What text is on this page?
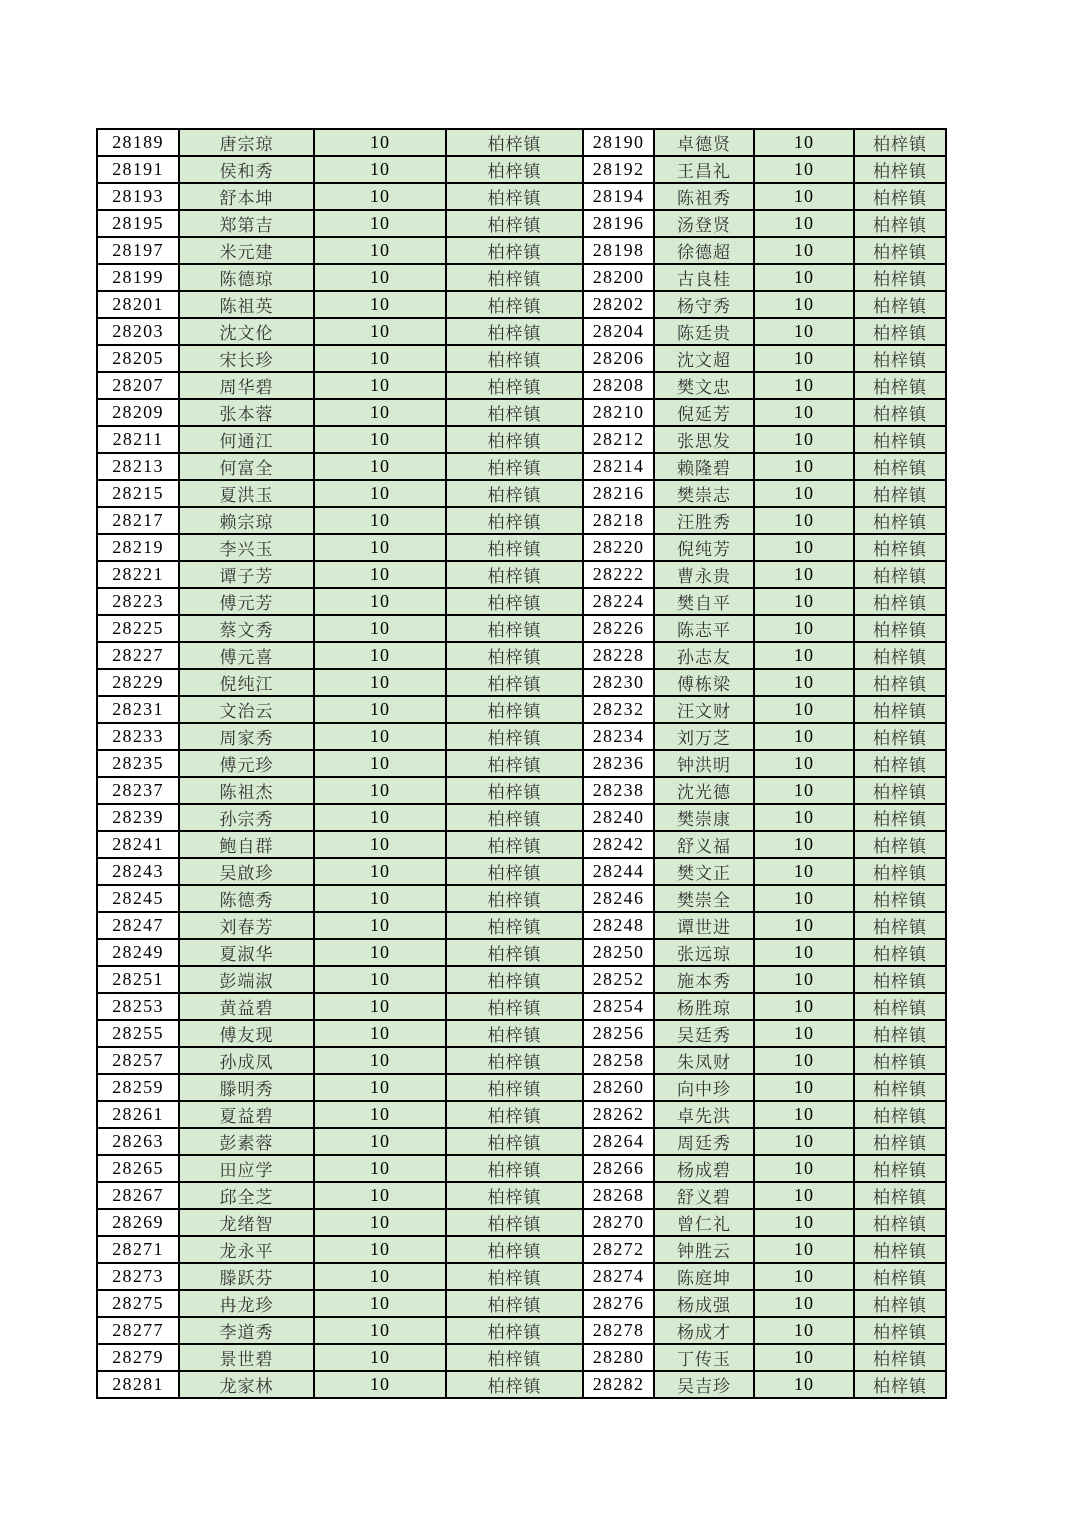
28189	唐宗琼	10	柏梓镇	28190	卓德贤	10	柏梓镇
28191	侯和秀	10	柏梓镇	28192	王昌礼	10	柏梓镇
28193	舒本坤	10	柏梓镇	28194	陈祖秀	10	柏梓镇
28195	郑第吉	10	柏梓镇	28196	汤登贤	10	柏梓镇
28197	米元建	10	柏梓镇	28198	徐德超	10	柏梓镇
28199	陈德琼	10	柏梓镇	28200	古良桂	10	柏梓镇
28201	陈祖英	10	柏梓镇	28202	杨守秀	10	柏梓镇
28203	沈文伦	10	柏梓镇	28204	陈廷贵	10	柏梓镇
28205	宋长珍	10	柏梓镇	28206	沈文超	10	柏梓镇
28207	周华碧	10	柏梓镇	28208	樊文忠	10	柏梓镇
28209	张本蓉	10	柏梓镇	28210	倪延芳	10	柏梓镇
28211	何通江	10	柏梓镇	28212	张思发	10	柏梓镇
28213	何富全	10	柏梓镇	28214	赖隆碧	10	柏梓镇
28215	夏洪玉	10	柏梓镇	28216	樊崇志	10	柏梓镇
28217	赖宗琼	10	柏梓镇	28218	汪胜秀	10	柏梓镇
28219	李兴玉	10	柏梓镇	28220	倪纯芳	10	柏梓镇
28221	谭子芳	10	柏梓镇	28222	曹永贵	10	柏梓镇
28223	傅元芳	10	柏梓镇	28224	樊自平	10	柏梓镇
28225	蔡文秀	10	柏梓镇	28226	陈志平	10	柏梓镇
28227	傅元喜	10	柏梓镇	28228	孙志友	10	柏梓镇
28229	倪纯江	10	柏梓镇	28230	傅栋梁	10	柏梓镇
28231	文治云	10	柏梓镇	28232	汪文财	10	柏梓镇
28233	周家秀	10	柏梓镇	28234	刘万芝	10	柏梓镇
28235	傅元珍	10	柏梓镇	28236	钟洪明	10	柏梓镇
28237	陈祖杰	10	柏梓镇	28238	沈光德	10	柏梓镇
28239	孙宗秀	10	柏梓镇	28240	樊崇康	10	柏梓镇
28241	鲍自群	10	柏梓镇	28242	舒义福	10	柏梓镇
28243	吴啟珍	10	柏梓镇	28244	樊文正	10	柏梓镇
28245	陈德秀	10	柏梓镇	28246	樊崇全	10	柏梓镇
28247	刘春芳	10	柏梓镇	28248	谭世进	10	柏梓镇
28249	夏淑华	10	柏梓镇	28250	张远琼	10	柏梓镇
28251	彭端淑	10	柏梓镇	28252	施本秀	10	柏梓镇
28253	黄益碧	10	柏梓镇	28254	杨胜琼	10	柏梓镇
28255	傅友现	10	柏梓镇	28256	吴廷秀	10	柏梓镇
28257	孙成凤	10	柏梓镇	28258	朱凤财	10	柏梓镇
28259	滕明秀	10	柏梓镇	28260	向中珍	10	柏梓镇
28261	夏益碧	10	柏梓镇	28262	卓先洪	10	柏梓镇
28263	彭素蓉	10	柏梓镇	28264	周廷秀	10	柏梓镇
28265	田应学	10	柏梓镇	28266	杨成碧	10	柏梓镇
28267	邱全芝	10	柏梓镇	28268	舒义碧	10	柏梓镇
28269	龙绪智	10	柏梓镇	28270	曾仁礼	10	柏梓镇
28271	龙永平	10	柏梓镇	28272	钟胜云	10	柏梓镇
28273	滕跃芬	10	柏梓镇	28274	陈庭坤	10	柏梓镇
28275	冉龙珍	10	柏梓镇	28276	杨成强	10	柏梓镇
28277	李道秀	10	柏梓镇	28278	杨成才	10	柏梓镇
28279	景世碧	10	柏梓镇	28280	丁传玉	10	柏梓镇
28281	龙家林	10	柏梓镇	28282	吴吉珍	10	柏梓镇
